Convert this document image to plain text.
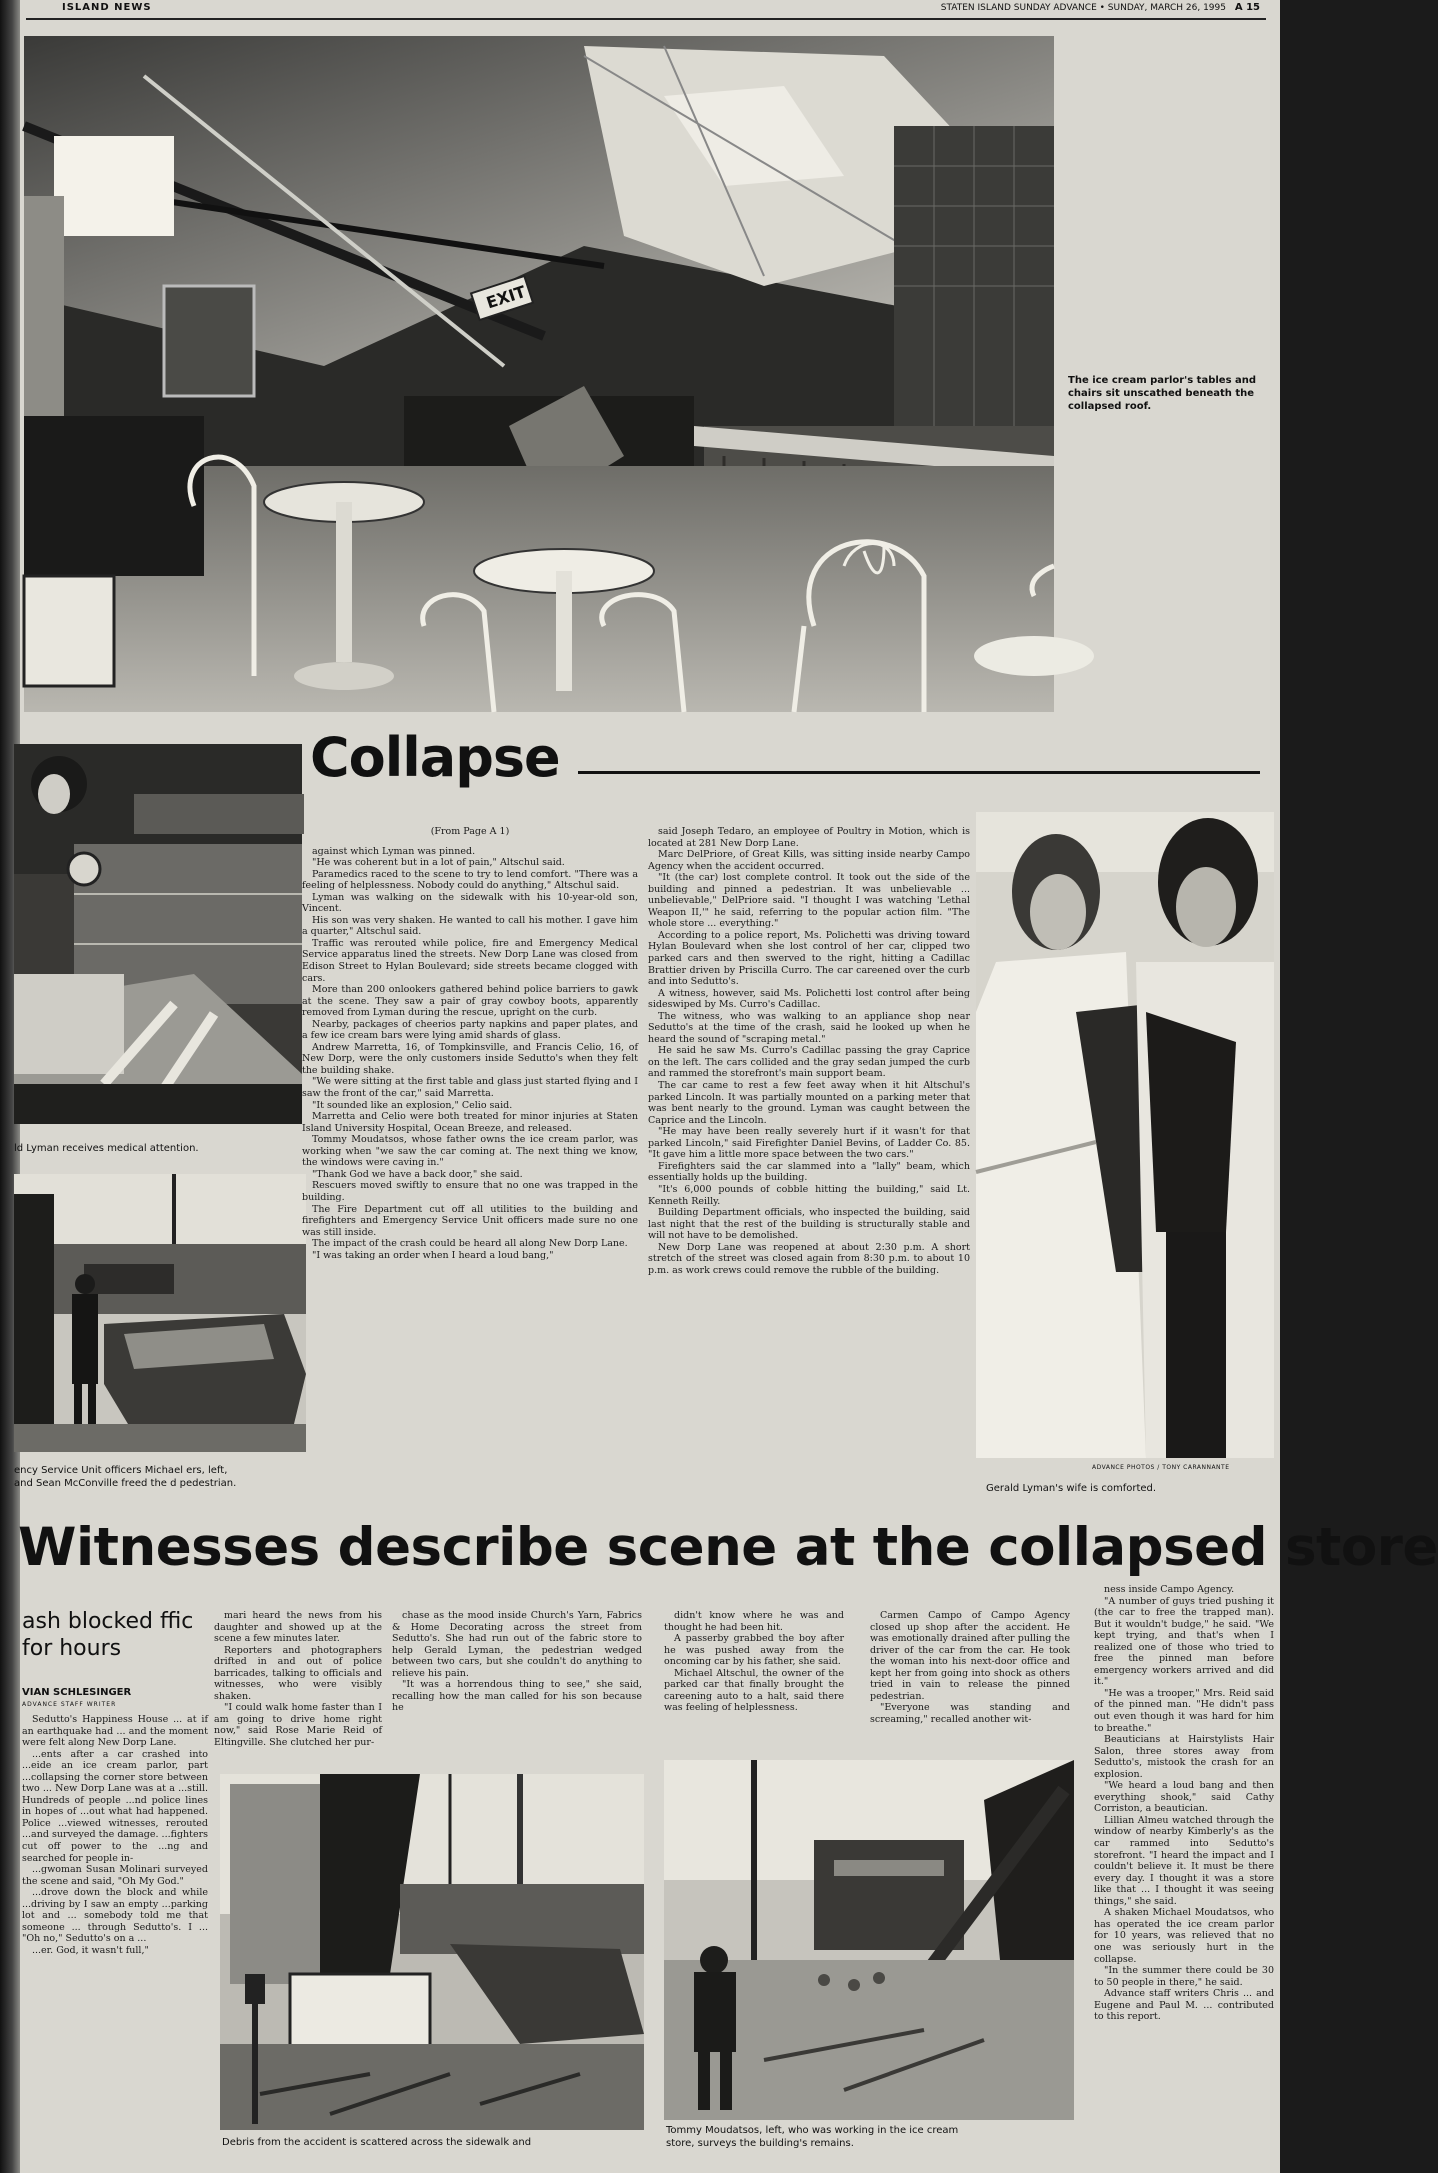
ISLAND NEWS	STATEN ISLAND SUNDAY ADVANCE • SUNDAY, MARCH 26, 1995 A 15
EXIT
The ice cream parlor's tables and chairs sit unscathed beneath the collapsed roof.
ld Lyman receives medical attention.
ency Service Unit officers Michael ers, left, and Sean McConville freed the d pedestrian.
ADVANCE PHOTOS / TONY CARANNANTE
Gerald Lyman's wife is comforted.
Collapse

(From Page A 1)

against which Lyman was pinned.

"He was coherent but in a lot of pain," Altschul said.

Paramedics raced to the scene to try to lend comfort. "There was a feeling of helplessness. Nobody could do anything," Altschul said.

Lyman was walking on the sidewalk with his 10-year-old son, Vincent.

His son was very shaken. He wanted to call his mother. I gave him a quarter," Altschul said.

Traffic was rerouted while police, fire and Emergency Medical Service apparatus lined the streets. New Dorp Lane was closed from Edison Street to Hylan Boulevard; side streets became clogged with cars.

More than 200 onlookers gathered behind police barriers to gawk at the scene. They saw a pair of gray cowboy boots, apparently removed from Lyman during the rescue, upright on the curb.

Nearby, packages of cheerios party napkins and paper plates, and a few ice cream bars were lying amid shards of glass.

Andrew Marretta, 16, of Tompkinsville, and Francis Celio, 16, of New Dorp, were the only customers inside Sedutto's when they felt the building shake.

"We were sitting at the first table and glass just started flying and I saw the front of the car," said Marretta.

"It sounded like an explosion," Celio said.

Marretta and Celio were both treated for minor injuries at Staten Island University Hospital, Ocean Breeze, and released.

Tommy Moudatsos, whose father owns the ice cream parlor, was working when "we saw the car coming at. The next thing we know, the windows were caving in."

"Thank God we have a back door," she said.

Rescuers moved swiftly to ensure that no one was trapped in the building.

The Fire Department cut off all utilities to the building and firefighters and Emergency Service Unit officers made sure no one was still inside.

The impact of the crash could be heard all along New Dorp Lane.

"I was taking an order when I heard a loud bang,"

said Joseph Tedaro, an employee of Poultry in Motion, which is located at 281 New Dorp Lane.

Marc DelPriore, of Great Kills, was sitting inside nearby Campo Agency when the accident occurred.

"It (the car) lost complete control. It took out the side of the building and pinned a pedestrian. It was unbelievable ... unbelievable," DelPriore said. "I thought I was watching 'Lethal Weapon II,'" he said, referring to the popular action film. "The whole store ... everything."

According to a police report, Ms. Polichetti was driving toward Hylan Boulevard when she lost control of her car, clipped two parked cars and then swerved to the right, hitting a Cadillac Brattier driven by Priscilla Curro. The car careened over the curb and into Sedutto's.

A witness, however, said Ms. Polichetti lost control after being sideswiped by Ms. Curro's Cadillac.

The witness, who was walking to an appliance shop near Sedutto's at the time of the crash, said he looked up when he heard the sound of "scraping metal."

He said he saw Ms. Curro's Cadillac passing the gray Caprice on the left. The cars collided and the gray sedan jumped the curb and rammed the storefront's main support beam.

The car came to rest a few feet away when it hit Altschul's parked Lincoln. It was partially mounted on a parking meter that was bent nearly to the ground. Lyman was caught between the Caprice and the Lincoln.

"He may have been really severely hurt if it wasn't for that parked Lincoln," said Firefighter Daniel Bevins, of Ladder Co. 85. "It gave him a little more space between the two cars."

Firefighters said the car slammed into a "lally" beam, which essentially holds up the building.

"It's 6,000 pounds of cobble hitting the building," said Lt. Kenneth Reilly.

Building Department officials, who inspected the building, said last night that the rest of the building is structurally stable and will not have to be demolished.

New Dorp Lane was reopened at about 2:30 p.m. A short stretch of the street was closed again from 8:30 p.m. to about 10 p.m. as work crews could remove the rubble of the building.

Witnesses describe scene at the collapsed store
ash blocked ffic for hours
VIAN SCHLESINGER
ADVANCE STAFF WRITER

Sedutto's Happiness House ... at if an earthquake had ... and the moment were felt along New Dorp Lane.

...ents after a car crashed into ...eide an ice cream parlor, part ...collapsing the corner store between two ... New Dorp Lane was at a ...still. Hundreds of people ...nd police lines in hopes of ...out what had happened. Police ...viewed witnesses, rerouted ...and surveyed the damage. ...fighters cut off power to the ...ng and searched for people in-

...gwoman Susan Molinari surveyed the scene and said, "Oh My God."

...drove down the block and while ...driving by I saw an empty ...parking lot and ... somebody told me that someone ... through Sedutto's. I ... "Oh no," Sedutto's on a ...

...er. God, it wasn't full,"

mari heard the news from his daughter and showed up at the scene a few minutes later.

Reporters and photographers drifted in and out of police barricades, talking to officials and witnesses, who were visibly shaken.

"I could walk home faster than I am going to drive home right now," said Rose Marie Reid of Eltingville. She clutched her pur-

chase as the mood inside Church's Yarn, Fabrics & Home Decorating across the street from Sedutto's. She had run out of the fabric store to help Gerald Lyman, the pedestrian wedged between two cars, but she couldn't do anything to relieve his pain.

"It was a horrendous thing to see," she said, recalling how the man called for his son because he

didn't know where he was and thought he had been hit.

A passerby grabbed the boy after he was pushed away from the oncoming car by his father, she said.

Michael Altschul, the owner of the parked car that finally brought the careening auto to a halt, said there was feeling of helplessness.

Carmen Campo of Campo Agency closed up shop after the accident. He was emotionally drained after pulling the driver of the car from the car. He took the woman into his next-door office and kept her from going into shock as others tried in vain to release the pinned pedestrian.

"Everyone was standing and screaming," recalled another wit-

ness inside Campo Agency.

"A number of guys tried pushing it (the car to free the trapped man). But it wouldn't budge," he said. "We kept trying, and that's when I realized one of those who tried to free the pinned man before emergency workers arrived and did it."

"He was a trooper," Mrs. Reid said of the pinned man. "He didn't pass out even though it was hard for him to breathe."

Beauticians at Hairstylists Hair Salon, three stores away from Sedutto's, mistook the crash for an explosion.

"We heard a loud bang and then everything shook," said Cathy Corriston, a beautician.

Lillian Almeu watched through the window of nearby Kimberly's as the car rammed into Sedutto's storefront. "I heard the impact and I couldn't believe it. It must be there every day. I thought it was a store like that ... I thought it was seeing things," she said.

A shaken Michael Moudatsos, who has operated the ice cream parlor for 10 years, was relieved that no one was seriously hurt in the collapse.

"In the summer there could be 30 to 50 people in there," he said.

Advance staff writers Chris ... and Eugene and Paul M. ... contributed to this report.

Debris from the accident is scattered across the sidewalk and
Tommy Moudatsos, left, who was working in the ice cream store, surveys the building's remains.
